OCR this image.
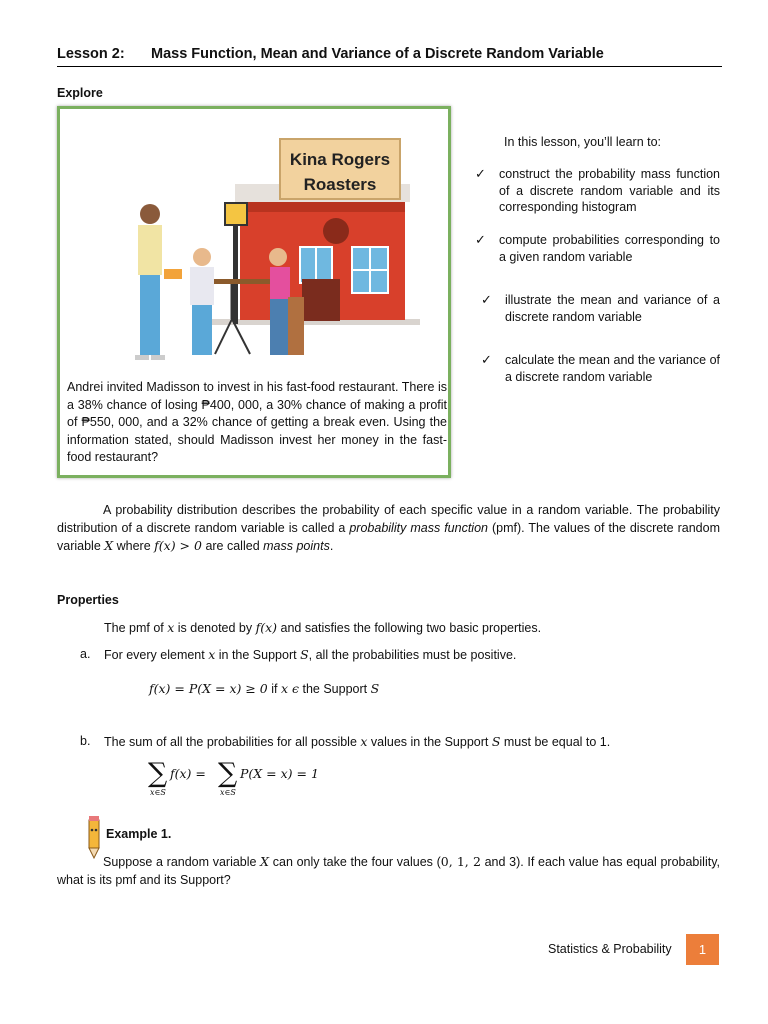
Lesson 2: Mass Function, Mean and Variance of a Discrete Random Variable
Explore
Kina Rogers
Roasters
Andrei invited Madisson to invest in his fast-food restaurant. There is a 38% chance of losing ₱400, 000, a 30% chance of making a profit of ₱550, 000, and a 32% chance of getting a break even. Using the information stated, should Madisson invest her money in the fast-food restaurant?
In this lesson, you’ll learn to:
✓ construct the probability mass function of a discrete random variable and its corresponding histogram
✓ compute probabilities corresponding to a given random variable
✓ illustrate the mean and variance of a discrete random variable
✓ calculate the mean and the variance of a discrete random variable
A probability distribution describes the probability of each specific value in a random variable. The probability distribution of a discrete random variable is called a probability mass function (pmf). The values of the discrete random variable X where f(x) > 0 are called mass points.
Properties
The pmf of x is denoted by f(x) and satisfies the following two basic properties.
a. For every element x in the Support S, all the probabilities must be positive.
f(x) = P(X = x) ≥ 0 if x ϵ the Support S
b. The sum of all the probabilities for all possible x values in the Support S must be equal to 1.
∑
x∈S
f(x) = ∑
x∈S
P(X = x) = 1
Example 1.
Suppose a random variable X can only take the four values (0, 1, 2 and 3). If each value has equal probability, what is its pmf and its Support?
Statistics & Probability	1
